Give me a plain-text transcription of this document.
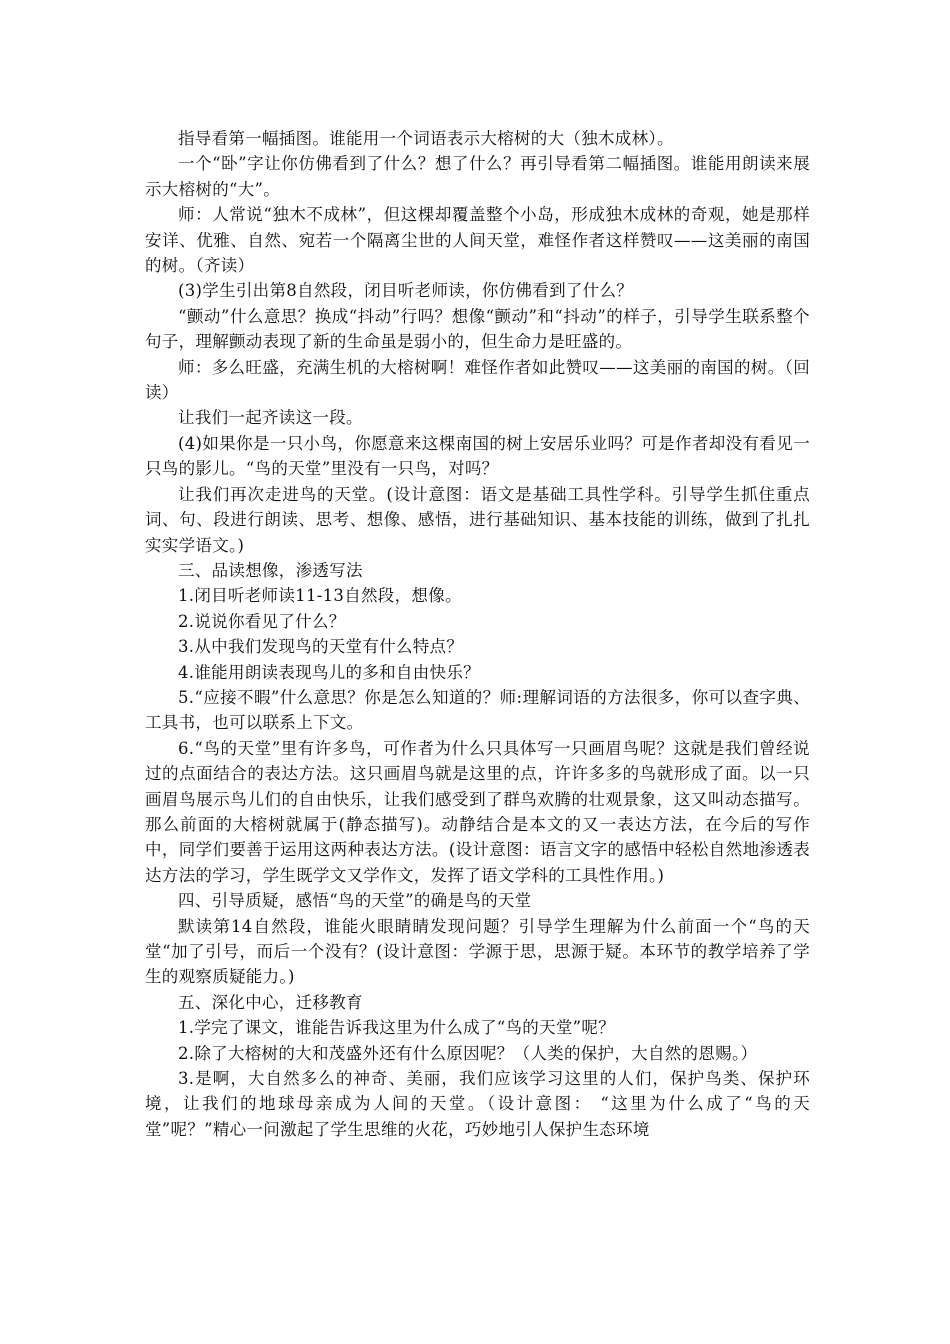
指导看第一幅插图。谁能用一个词语表示大榕树的大（独木成林）。

一个“卧”字让你仿佛看到了什么？想了什么？再引导看第二幅插图。谁能用朗读来展示大榕树的“大”。

师：人常说“独木不成林”，但这棵却覆盖整个小岛，形成独木成林的奇观，她是那样安详、优雅、自然、宛若一个隔离尘世的人间天堂，难怪作者这样赞叹——这美丽的南国的树。（齐读）

(3)学生引出第8自然段，闭目听老师读，你仿佛看到了什么？

“颤动”什么意思？换成“抖动”行吗？想像“颤动”和“抖动”的样子，引导学生联系整个句子，理解颤动表现了新的生命虽是弱小的，但生命力是旺盛的。

师：多么旺盛，充满生机的大榕树啊！难怪作者如此赞叹——这美丽的南国的树。（回读）

让我们一起齐读这一段。

(4)如果你是一只小鸟，你愿意来这棵南国的树上安居乐业吗？可是作者却没有看见一只鸟的影儿。“鸟的天堂”里没有一只鸟，对吗？

让我们再次走进鸟的天堂。(设计意图：语文是基础工具性学科。引导学生抓住重点词、句、段进行朗读、思考、想像、感悟，进行基础知识、基本技能的训练，做到了扎扎实实学语文。)

三、品读想像，渗透写法

1.闭目听老师读11-13自然段，想像。

2.说说你看见了什么？

3.从中我们发现鸟的天堂有什么特点？

4.谁能用朗读表现鸟儿的多和自由快乐？

5.“应接不暇”什么意思？你是怎么知道的？师:理解词语的方法很多，你可以查字典、工具书，也可以联系上下文。

6.“鸟的天堂”里有许多鸟，可作者为什么只具体写一只画眉鸟呢？这就是我们曾经说过的点面结合的表达方法。这只画眉鸟就是这里的点，许许多多的鸟就形成了面。以一只画眉鸟展示鸟儿们的自由快乐，让我们感受到了群鸟欢腾的壮观景象，这又叫动态描写。那么前面的大榕树就属于(静态描写)。动静结合是本文的又一表达方法，在今后的写作中，同学们要善于运用这两种表达方法。(设计意图：语言文字的感悟中轻松自然地渗透表达方法的学习，学生既学文又学作文，发挥了语文学科的工具性作用。)

四、引导质疑，感悟“鸟的天堂”的确是鸟的天堂

默读第14自然段，谁能火眼睛睛发现问题？引导学生理解为什么前面一个“鸟的天堂“加了引号，而后一个没有？(设计意图：学源于思，思源于疑。本环节的教学培养了学生的观察质疑能力。)

五、深化中心，迁移教育

1.学完了课文，谁能告诉我这里为什么成了“鸟的天堂”呢？

2.除了大榕树的大和茂盛外还有什么原因呢？（人类的保护，大自然的恩赐。）

3.是啊，大自然多么的神奇、美丽，我们应该学习这里的人们，保护鸟类、保护环境，让我们的地球母亲成为人间的天堂。（设计意图： “这里为什么成了“鸟的天堂”呢？”精心一问激起了学生思维的火花，巧妙地引人保护生态环境
